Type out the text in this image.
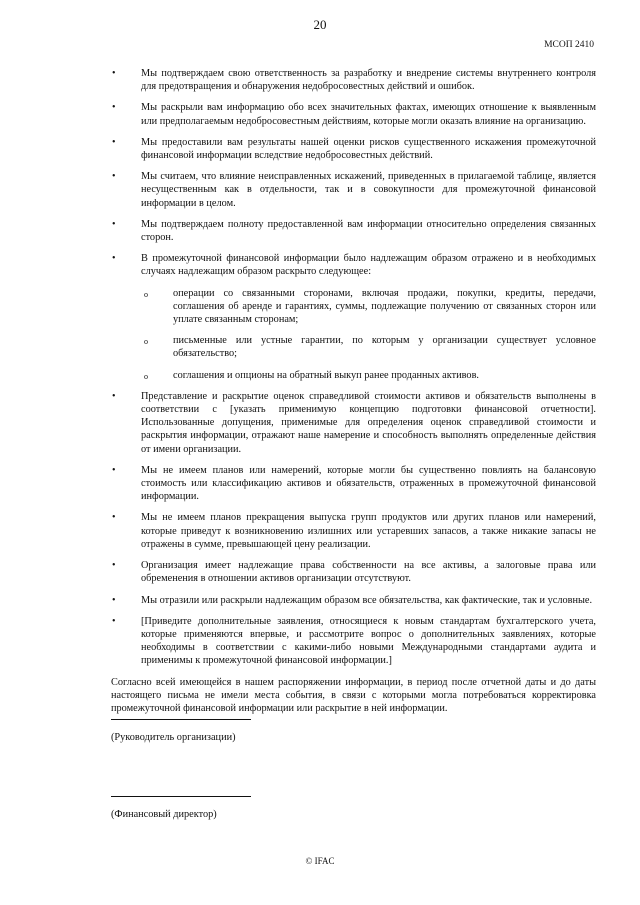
20
МСОП 2410
• Мы подтверждаем свою ответственность за разработку и внедрение системы внутреннего контроля для предотвращения и обнаружения недобросовестных действий и ошибок.
• Мы раскрыли вам информацию обо всех значительных фактах, имеющих отношение к выявленным или предполагаемым недобросовестным действиям, которые могли оказать влияние на организацию.
• Мы предоставили вам результаты нашей оценки рисков существенного искажения промежуточной финансовой информации вследствие недобросовестных действий.
• Мы считаем, что влияние неисправленных искажений, приведенных в прилагаемой таблице, является несущественным как в отдельности, так и в совокупности для промежуточной финансовой информации в целом.
• Мы подтверждаем полноту предоставленной вам информации относительно определения связанных сторон.
• В промежуточной финансовой информации было надлежащим образом отражено и в необходимых случаях надлежащим образом раскрыто следующее:
o операции со связанными сторонами, включая продажи, покупки, кредиты, передачи, соглашения об аренде и гарантиях, суммы, подлежащие получению от связанных сторон или уплате связанным сторонам;
o письменные или устные гарантии, по которым у организации существует условное обязательство;
o соглашения и опционы на обратный выкуп ранее проданных активов.
• Представление и раскрытие оценок справедливой стоимости активов и обязательств выполнены в соответствии с [указать применимую концепцию подготовки финансовой отчетности]. Использованные допущения, применимые для определения оценок справедливой стоимости и раскрытия информации, отражают наше намерение и способность выполнять определенные действия от имени организации.
• Мы не имеем планов или намерений, которые могли бы существенно повлиять на балансовую стоимость или классификацию активов и обязательств, отраженных в промежуточной финансовой информации.
• Мы не имеем планов прекращения выпуска групп продуктов или других планов или намерений, которые приведут к возникновению излишних или устаревших запасов, а также никакие запасы не отражены в сумме, превышающей цену реализации.
• Организация имеет надлежащие права собственности на все активы, а залоговые права или обременения в отношении активов организации отсутствуют.
• Мы отразили или раскрыли надлежащим образом все обязательства, как фактические, так и условные.
• [Приведите дополнительные заявления, относящиеся к новым стандартам бухгалтерского учета, которые применяются впервые, и рассмотрите вопрос о дополнительных заявлениях, которые необходимы в соответствии с какими-либо новыми Международными стандартами аудита и применимы к промежуточной финансовой информации.]
Согласно всей имеющейся в нашем распоряжении информации, в период после отчетной даты и до даты настоящего письма не имели места события, в связи с которыми могла потребоваться корректировка промежуточной финансовой информации или раскрытие в ней информации.
(Руководитель организации)
(Финансовый директор)
© IFAC
